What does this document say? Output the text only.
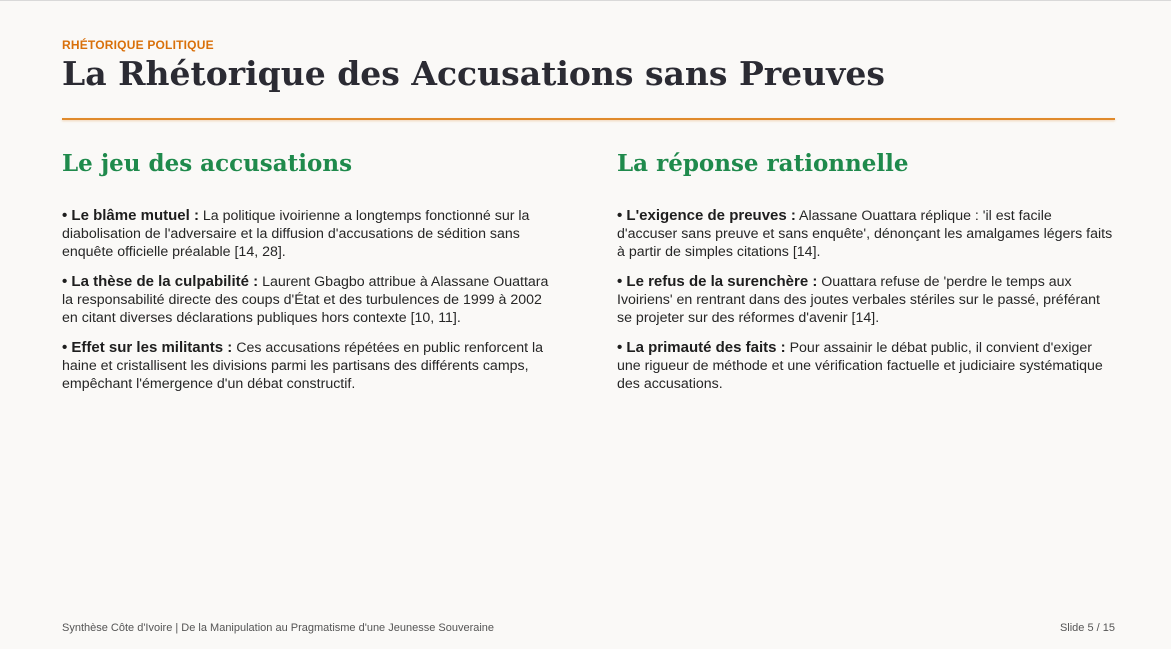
RHÉTORIQUE POLITIQUE
La Rhétorique des Accusations sans Preuves
Le jeu des accusations

• Le blâme mutuel : La politique ivoirienne a longtemps fonctionné sur la diabolisation de l'adversaire et la diffusion d'accusations de sédition sans enquête officielle préalable [14, 28].

• La thèse de la culpabilité : Laurent Gbagbo attribue à Alassane Ouattara la responsabilité directe des coups d'État et des turbulences de 1999 à 2002 en citant diverses déclarations publiques hors contexte [10, 11].

• Effet sur les militants : Ces accusations répétées en public renforcent la haine et cristallisent les divisions parmi les partisans des différents camps, empêchant l'émergence d'un débat constructif.

La réponse rationnelle

• L'exigence de preuves : Alassane Ouattara réplique : 'il est facile d'accuser sans preuve et sans enquête', dénonçant les amalgames légers faits à partir de simples citations [14].

• Le refus de la surenchère : Ouattara refuse de 'perdre le temps aux Ivoiriens' en rentrant dans des joutes verbales stériles sur le passé, préférant se projeter sur des réformes d'avenir [14].

• La primauté des faits : Pour assainir le débat public, il convient d'exiger une rigueur de méthode et une vérification factuelle et judiciaire systématique des accusations.

Synthèse Côte d'Ivoire | De la Manipulation au Pragmatisme d'une Jeunesse Souveraine	Slide 5 / 15
